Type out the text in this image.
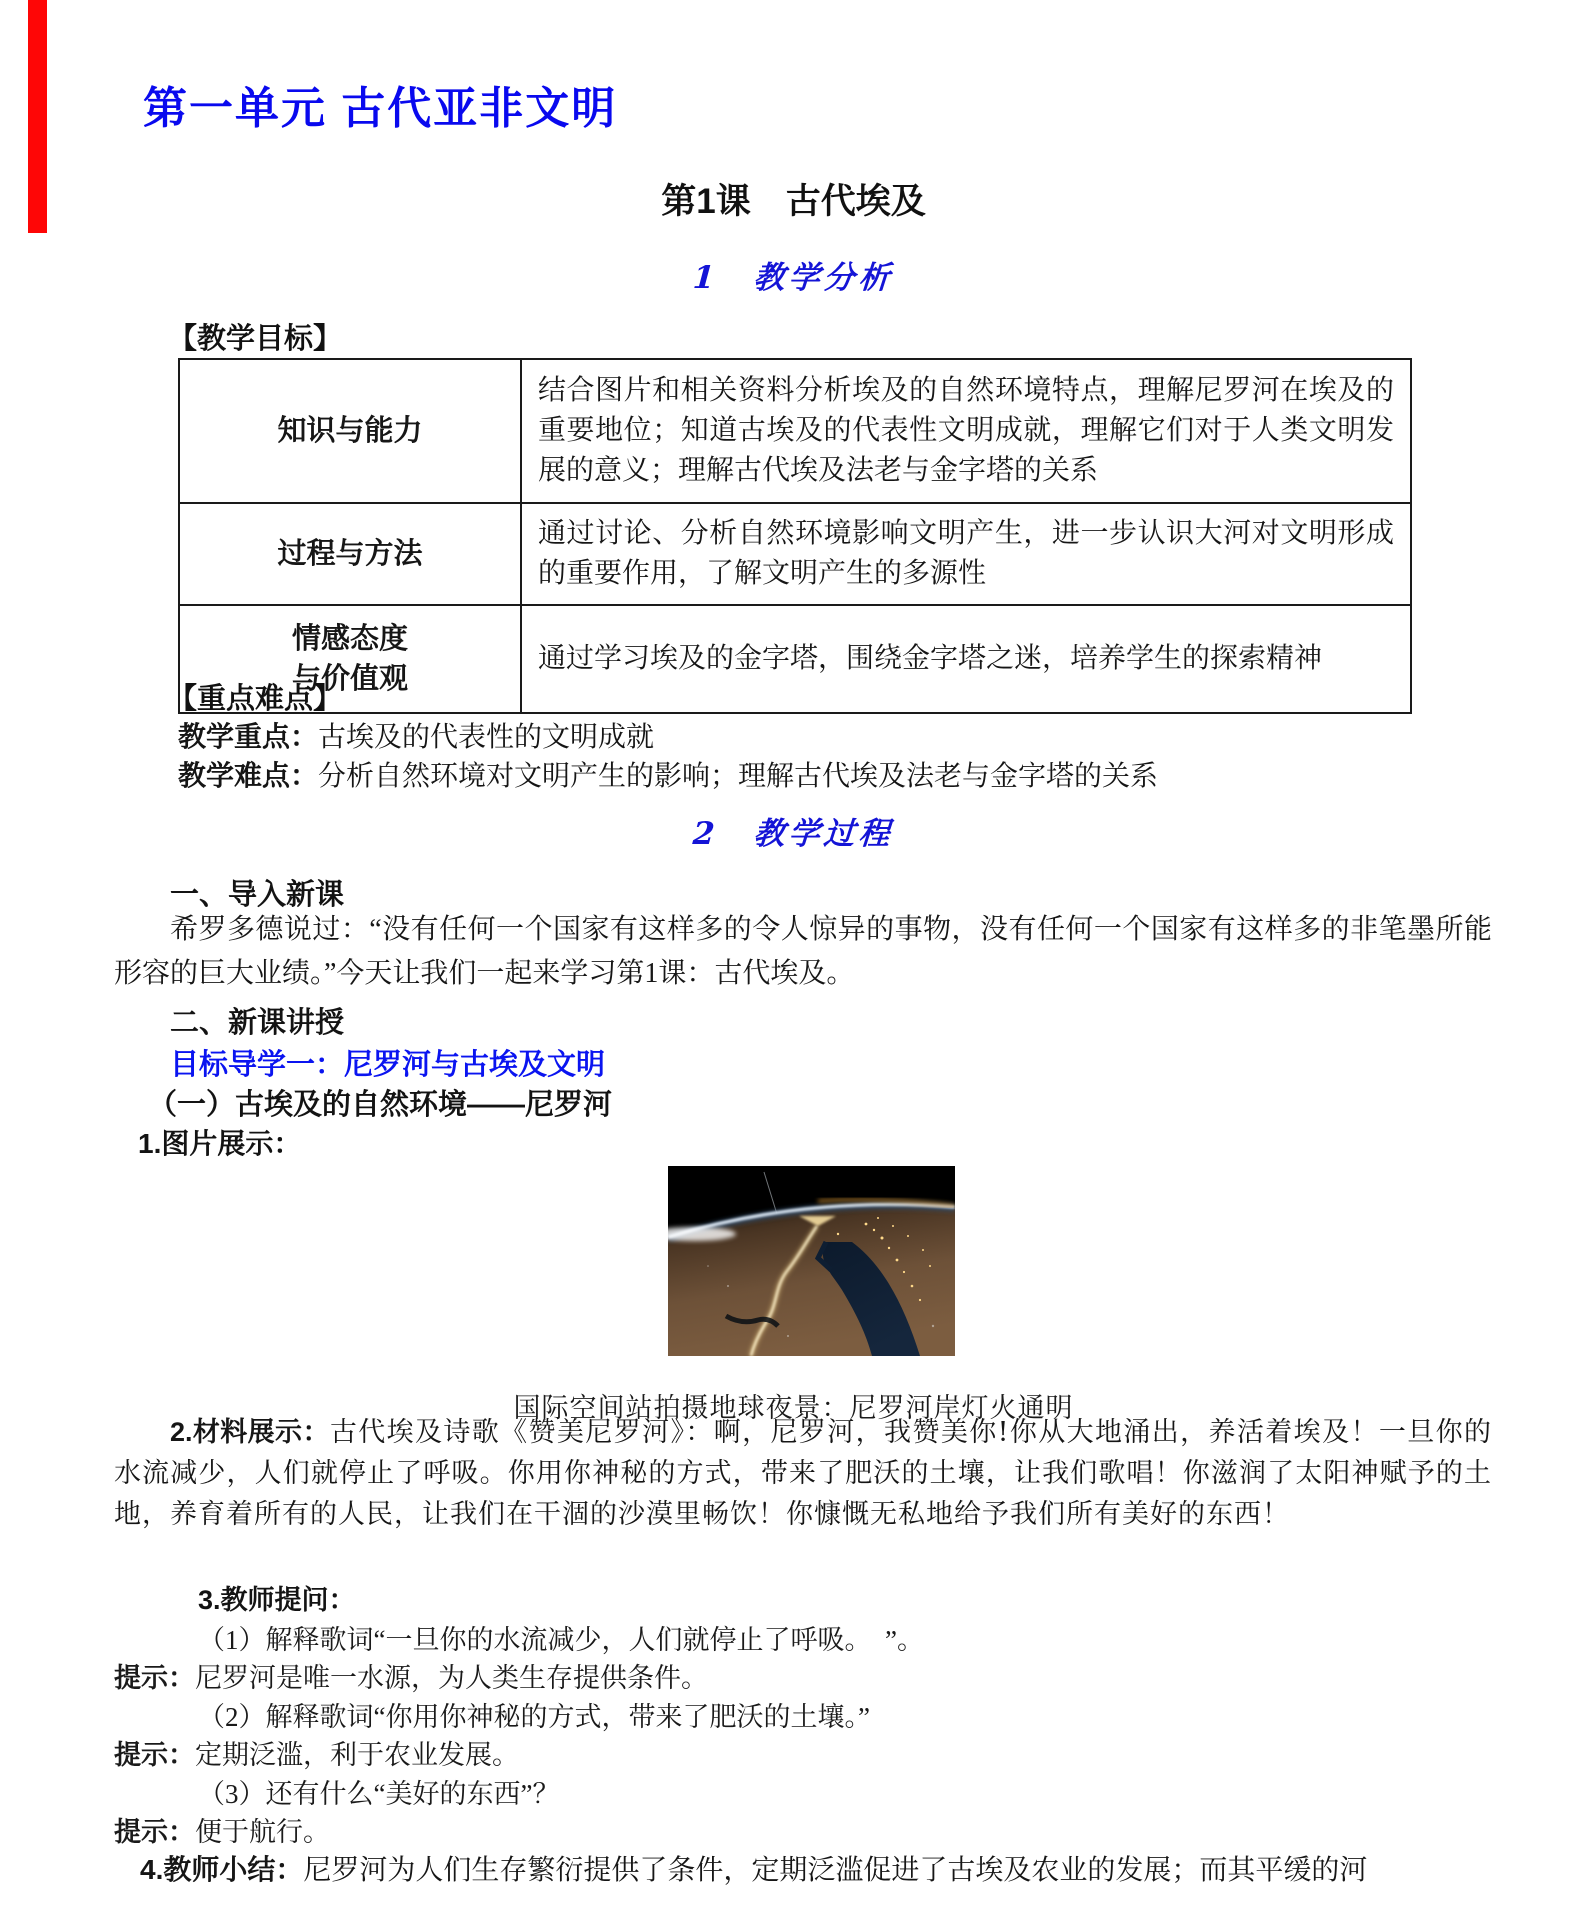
第一单元 古代亚非文明
第1课　古代埃及
1　教学分析
【教学目标】
知识与能力	结合图片和相关资料分析埃及的自然环境特点，理解尼罗河在埃及的重要地位；知道古埃及的代表性文明成就，理解它们对于人类文明发展的意义；理解古代埃及法老与金字塔的关系
过程与方法	通过讨论、分析自然环境影响文明产生，进一步认识大河对文明形成的重要作用，了解文明产生的多源性

情感态度
与价值观	通过学习埃及的金字塔，围绕金字塔之迷，培养学生的探索精神
【重点难点】
教学重点：古埃及的代表性的文明成就
教学难点：分析自然环境对文明产生的影响；理解古代埃及法老与金字塔的关系
2　教学过程
一、导入新课
希罗多德说过：“没有任何一个国家有这样多的令人惊异的事物，没有任何一个国家有这样多的非笔墨所能形容的巨大业绩。”今天让我们一起来学习第1课：古代埃及。
二、新课讲授
目标导学一：尼罗河与古埃及文明
（一）古埃及的自然环境——尼罗河
1.图片展示：
国际空间站拍摄地球夜景：尼罗河岸灯火通明
2.材料展示：古代埃及诗歌《赞美尼罗河》：啊，尼罗河，我赞美你!你从大地涌出，养活着埃及！一旦你的水流减少，人们就停止了呼吸。你用你神秘的方式，带来了肥沃的土壤，让我们歌唱！你滋润了太阳神赋予的土地，养育着所有的人民，让我们在干涸的沙漠里畅饮！你慷慨无私地给予我们所有美好的东西！
3.教师提问：
（1）解释歌词“一旦你的水流减少，人们就停止了呼吸。　”。
提示：尼罗河是唯一水源，为人类生存提供条件。
（2）解释歌词“你用你神秘的方式，带来了肥沃的土壤。”
提示：定期泛滥，利于农业发展。
（3）还有什么“美好的东西”？
提示：便于航行。
4.教师小结：尼罗河为人们生存繁衍提供了条件，定期泛滥促进了古埃及农业的发展；而其平缓的河
